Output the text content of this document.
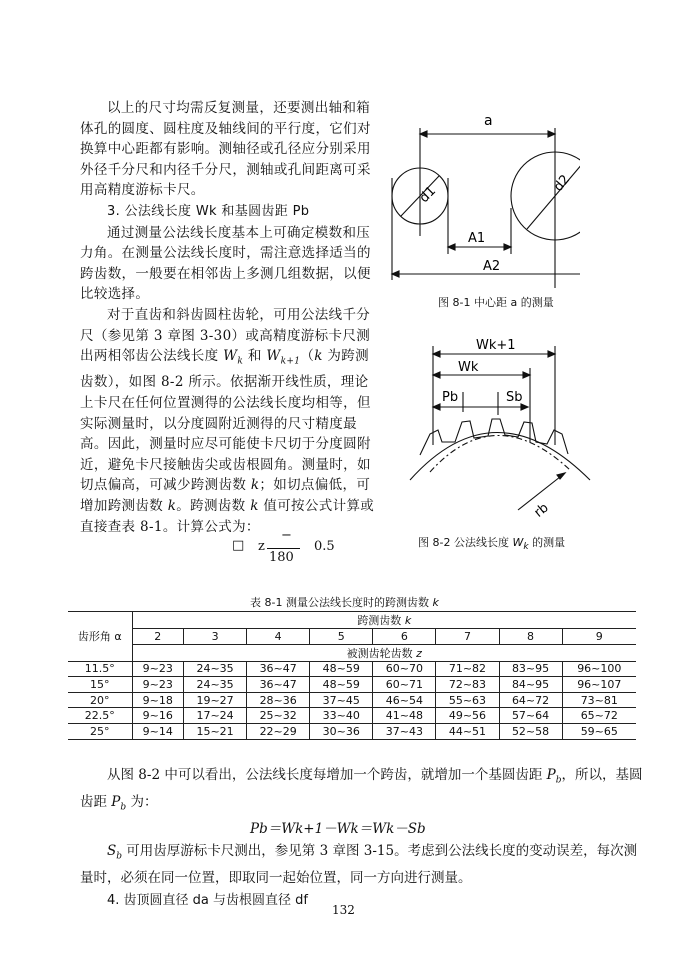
以上的尺寸均需反复测量，还要测出轴和箱体孔的圆度、圆柱度及轴线间的平行度，它们对换算中心距都有影响。测轴径或孔径应分别采用外径千分尺和内径千分尺，测轴或孔间距离可采用高精度游标卡尺。

3. 公法线长度 Wk 和基圆齿距 Pb

通过测量公法线长度基本上可确定模数和压力角。在测量公法线长度时，需注意选择适当的跨齿数，一般要在相邻齿上多测几组数据，以便比较选择。

对于直齿和斜齿圆柱齿轮，可用公法线千分尺（参见第 3 章图 3-30）或高精度游标卡尺测出两相邻齿公法线长度 $W_k$ 和 $W_{k+1}(k$ 为跨测齿数），如图 8-2 所示。依据渐开线性质，理论上卡尺在任何位置测得的公法线长度均相等，但实际测量时，以分度圆附近测得的尺寸精度最高。因此，测量时应尽可能使卡尺切于分度圆附近，避免卡尺接触齿尖或齿根圆角。测量时，如切点偏高，可减少跨测齿数 k；如切点偏低，可增加跨测齿数 k。跨测齿数 k 值可按公式计算或直接查表 8-1。计算公式为：

□ z
−
180
0.5
a
d1
d2
A1
A2
图 8-1 中心距 a 的测量
Wk+1
Wk
Pb	Sb
rb
图 8-2 公法线长度 $W_k$ 的测量
表 8-1 测量公法线长度时的跨测齿数 k
齿形角 α	跨测齿数 k							
	2	3	4	5	6	7	8	9
	被测齿轮齿数 z							
11.5°	9~23	24~35	36~47	48~59	60~70	71~82	83~95	96~100
15°	9~23	24~35	36~47	48~59	60~71	72~83	84~95	96~107
20°	9~18	19~27	28~36	37~45	46~54	55~63	64~72	73~81
22.5°	9~16	17~24	25~32	33~40	41~48	49~56	57~64	65~72
25°	9~14	15~21	22~29	30~36	37~43	44~51	52~58	59~65

从图 8-2 中可以看出，公法线长度每增加一个跨齿，就增加一个基圆齿距 $P_b$，所以，基圆齿距 $P_b$ 为：

Pb＝Wk+1－Wk＝Wk－Sb

$S_b$ 可用齿厚游标卡尺测出，参见第 3 章图 3-15。考虑到公法线长度的变动误差，每次测量时，必须在同一位置，即取同一起始位置，同一方向进行测量。

4. 齿顶圆直径 da 与齿根圆直径 df

132
